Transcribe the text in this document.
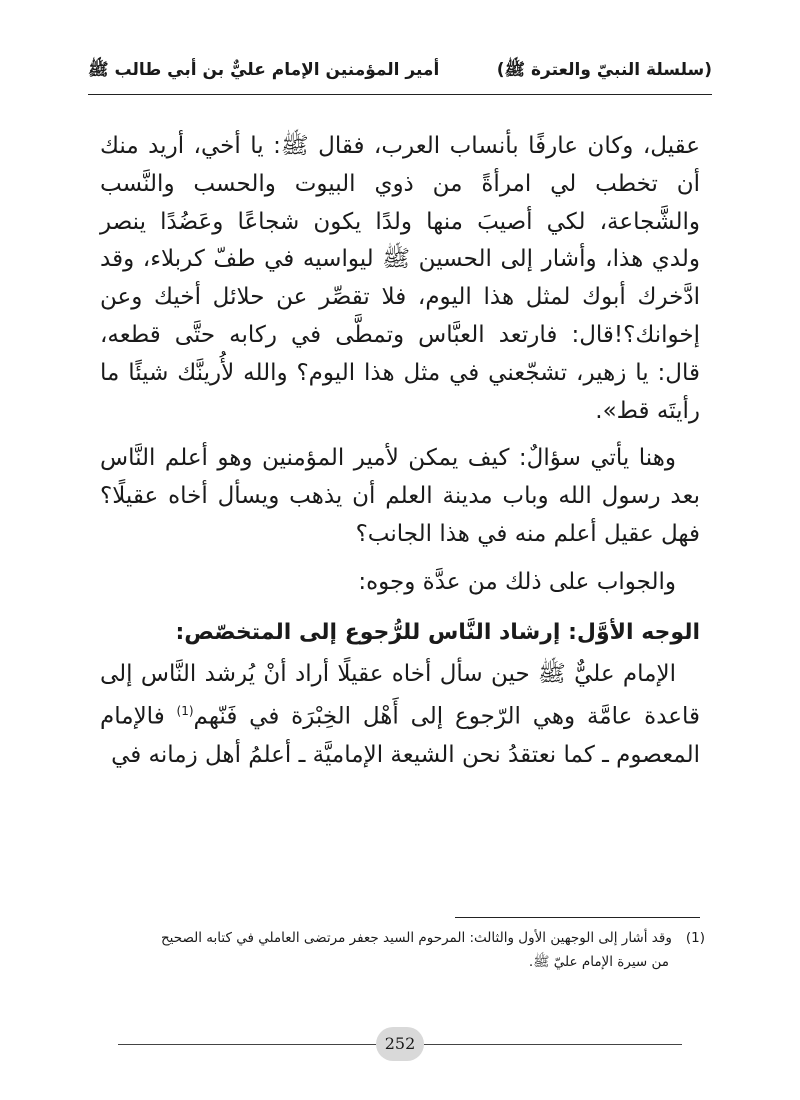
(سلسلة النبيّ والعترة ﷺ)
أمير المؤمنين الإمام عليٌّ بن أبي طالب ﷺ

عقيل، وكان عارفًا بأنساب العرب، فقال ﷺ: يا أخي، أريد منك أن تخطب لي امرأةً من ذوي البيوت والحسب والنَّسب والشَّجاعة، لكي أصيبَ منها ولدًا يكون شجاعًا وعَضُدًا ينصر ولدي هذا، وأشار إلى الحسين ﷺ ليواسيه في طفّ كربلاء، وقد ادَّخرك أبوك لمثل هذا اليوم، فلا تقصِّر عن حلائل أخيك وعن إخوانك؟!قال: فارتعد العبَّاس وتمطَّى في ركابه حتَّى قطعه، قال: يا زهير، تشجّعني في مثل هذا اليوم؟ والله لأُرينَّك شيئًا ما رأيتَه قط».

وهنا يأتي سؤالٌ: كيف يمكن لأمير المؤمنين وهو أعلم النَّاس بعد رسول الله وباب مدينة العلم أن يذهب ويسأل أخاه عقيلًا؟ فهل عقيل أعلم منه في هذا الجانب؟

والجواب على ذلك من عدَّة وجوه:

الوجه الأوَّل: إرشاد النَّاس للرُّجوع إلى المتخصّص:

الإمام عليٌّ ﷺ حين سأل أخاه عقيلًا أراد أنْ يُرشد النَّاس إلى قاعدة عامَّة وهي الرّجوع إلى أَهْل الخِبْرَة في فَنّهم$^{(1)}$ فالإمام المعصوم ـ كما نعتقدُ نحن الشيعة الإماميَّة ـ أعلمُ أهل زمانه في

(1)وقد أشار إلى الوجهين الأول والثالث: المرحوم السيد جعفر مرتضى العاملي في كتابه الصحيح
من سيرة الإمام عليّ ﷺ.
252
